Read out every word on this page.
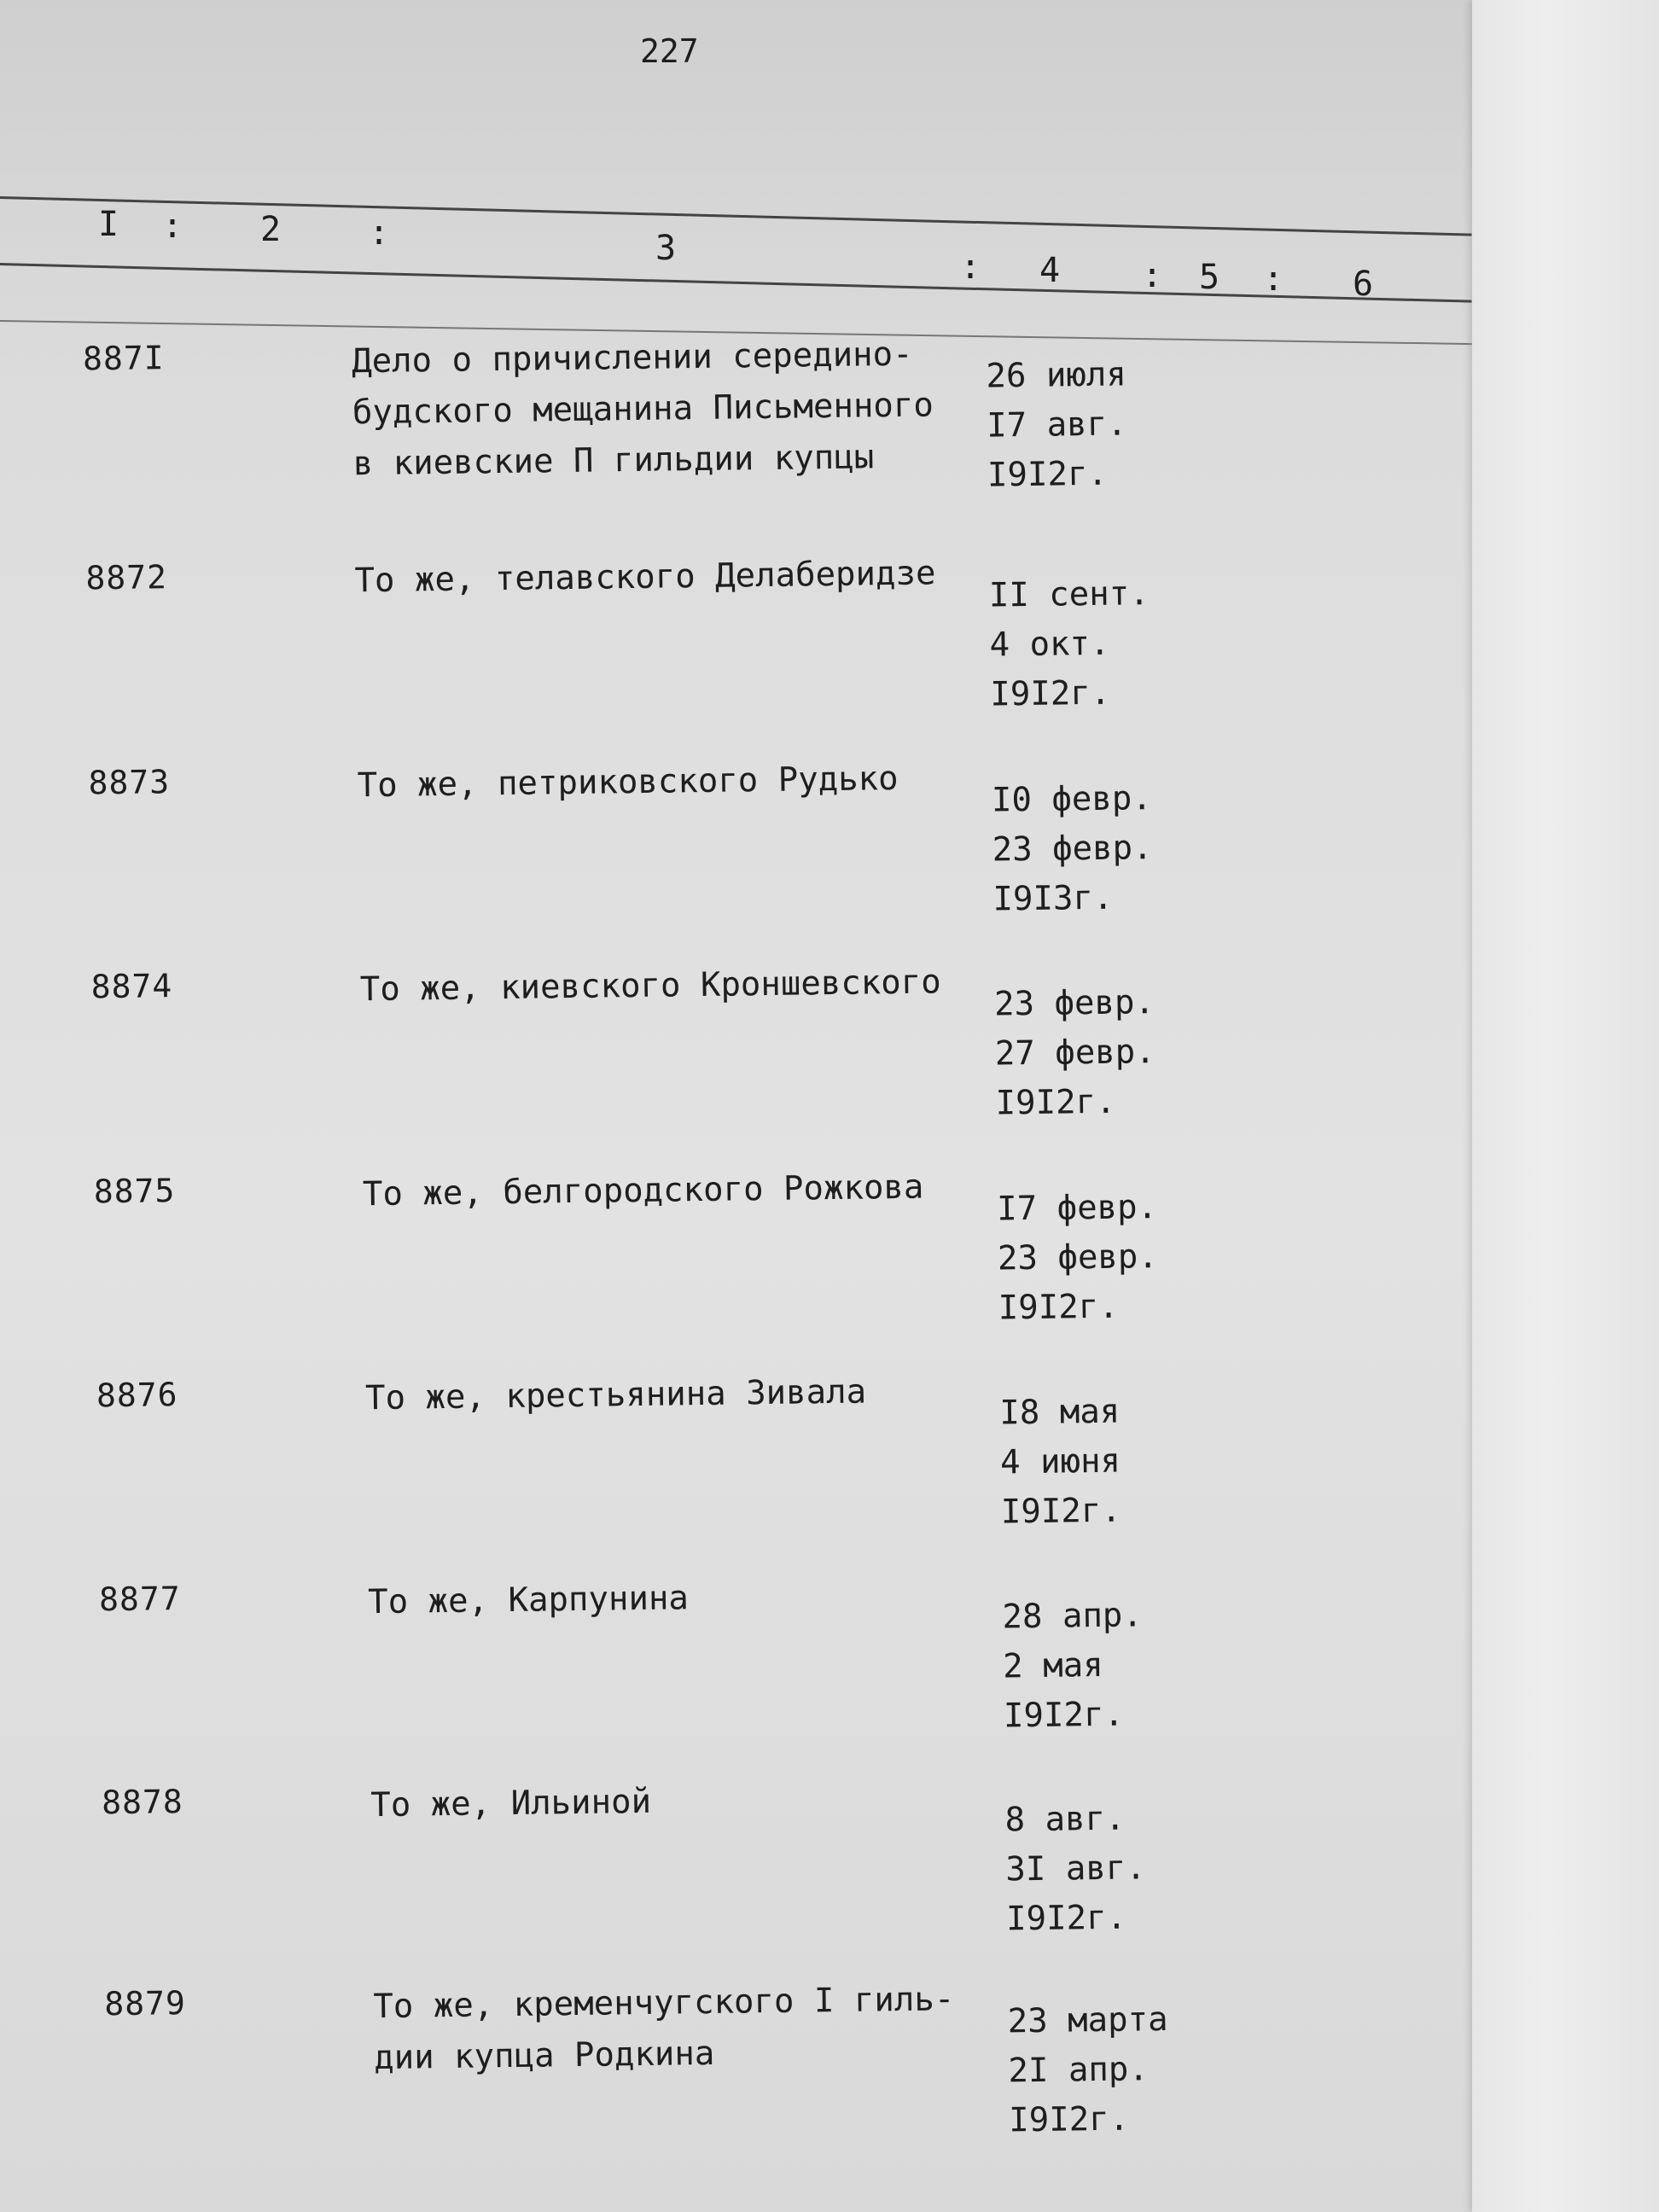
227
I : 2	:	3	: 4 : 5 : 6
887I	Дело о причислении середино-
будского мещанина Письменного
в киевские П гильдии купцы
26 июля
I7 авг.
I9I2г.
8872	То же, телавского Делаберидзе	II сент.
4 окт.
I9I2г.
8873	То же, петриковского Рудько	I0 февр.
23 февр.
I9I3г.
8874	То же, киевского Кроншевского	23 февр.
27 февр.
I9I2г.
8875	То же, белгородского Рожкова	I7 февр.
23 февр.
I9I2г.
8876	То же, крестьянина Зивала	I8 мая
4 июня
I9I2г.
8877	То же, Карпунина	28 апр.
2 мая
I9I2г.
8878	То же, Ильиной	8 авг.
3I авг.
I9I2г.
8879	То же, кременчугского I гиль-
дии купца Родкина
23 марта
2I апр.
I9I2г.
